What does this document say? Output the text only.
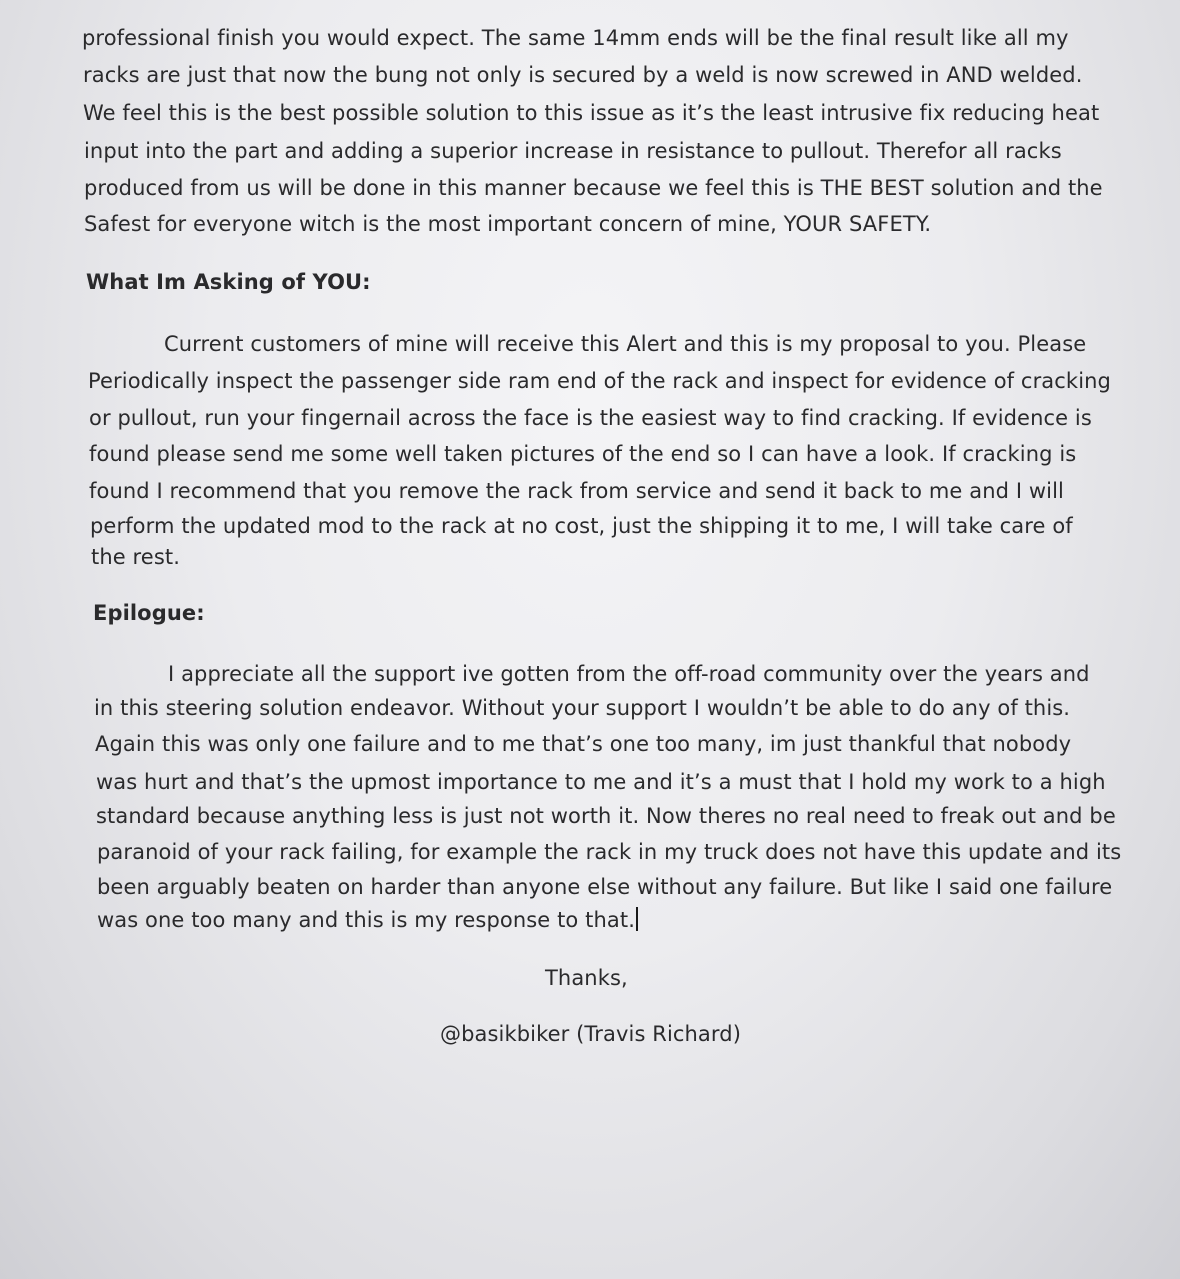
professional finish you would expect. The same 14mm ends will be the final result like all my
racks are just that now the bung not only is secured by a weld is now screwed in AND welded.
We feel this is the best possible solution to this issue as it’s the least intrusive fix reducing heat
input into the part and adding a superior increase in resistance to pullout. Therefor all racks
produced from us will be done in this manner because we feel this is THE BEST solution and the
Safest for everyone witch is the most important concern of mine, YOUR SAFETY.
What Im Asking of YOU:
Current customers of mine will receive this Alert and this is my proposal to you. Please
Periodically inspect the passenger side ram end of the rack and inspect for evidence of cracking
or pullout, run your fingernail across the face is the easiest way to find cracking. If evidence is
found please send me some well taken pictures of the end so I can have a look. If cracking is
found I recommend that you remove the rack from service and send it back to me and I will
perform the updated mod to the rack at no cost, just the shipping it to me, I will take care of
the rest.
Epilogue:
I appreciate all the support ive gotten from the off-road community over the years and
in this steering solution endeavor. Without your support I wouldn’t be able to do any of this.
Again this was only one failure and to me that’s one too many, im just thankful that nobody
was hurt and that’s the upmost importance to me and it’s a must that I hold my work to a high
standard because anything less is just not worth it. Now theres no real need to freak out and be
paranoid of your rack failing, for example the rack in my truck does not have this update and its
been arguably beaten on harder than anyone else without any failure. But like I said one failure
was one too many and this is my response to that.
Thanks,
@basikbiker (Travis Richard)
